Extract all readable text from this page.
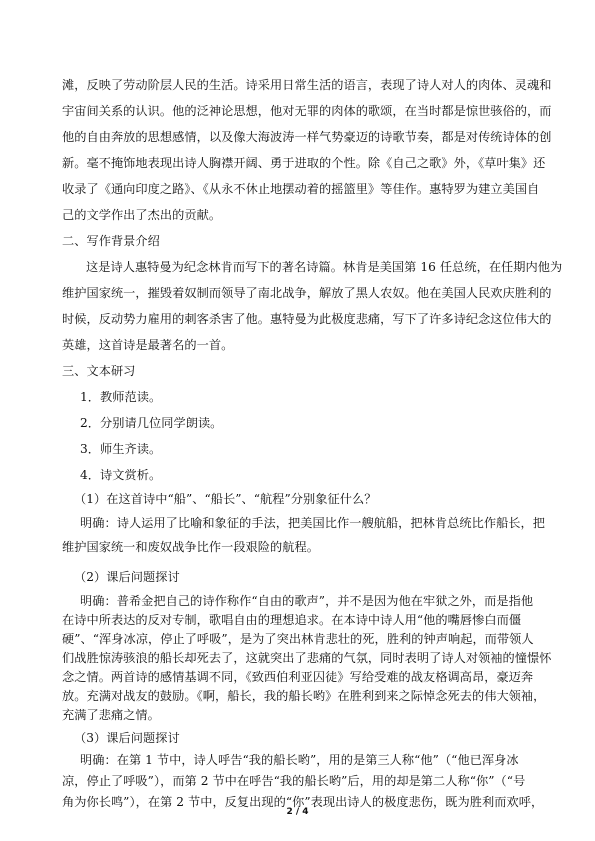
滩，反映了劳动阶层人民的生活。诗采用日常生活的语言，表现了诗人对人的肉体、灵魂和
宇宙间关系的认识。他的泛神论思想，他对无罪的肉体的歌颂，在当时都是惊世骇俗的，而
他的自由奔放的思想感情，以及像大海波涛一样气势豪迈的诗歌节奏，都是对传统诗体的创
新。毫不掩饰地表现出诗人胸襟开阔、勇于进取的个性。除《自己之歌》外，《草叶集》还
收录了《通向印度之路》、《从永不休止地摆动着的摇篮里》等佳作。惠特罗为建立美国自
己的文学作出了杰出的贡献。
二、写作背景介绍
这是诗人惠特曼为纪念林肯而写下的著名诗篇。林肯是美国第 16 任总统，在任期内他为
维护国家统一，摧毁着奴制而领导了南北战争，解放了黑人农奴。他在美国人民欢庆胜利的
时候，反动势力雇用的刺客杀害了他。惠特曼为此极度悲痛，写下了许多诗纪念这位伟大的
英雄，这首诗是最著名的一首。
三、文本研习
1．教师范读。
2．分别请几位同学朗读。
3．师生齐读。
4．诗文赏析。
（1）在这首诗中“船”、“船长”、“航程”分别象征什么？
明确：诗人运用了比喻和象征的手法，把美国比作一艘航船，把林肯总统比作船长，把
维护国家统一和废奴战争比作一段艰险的航程。
（2）课后问题探讨
明确：普希金把自己的诗作称作“自由的歌声”，并不是因为他在牢狱之外，而是指他
在诗中所表达的反对专制，歌唱自由的理想追求。在本诗中诗人用“他的嘴唇惨白而僵
硬”、“浑身冰凉，停止了呼吸”，是为了突出林肯悲壮的死，胜利的钟声响起，而带领人
们战胜惊涛骇浪的船长却死去了，这就突出了悲痛的气氛，同时表明了诗人对领袖的憧憬怀
念之情。两首诗的感情基调不同，《致西伯利亚囚徒》写给受难的战友格调高昂，豪迈奔
放。充满对战友的鼓励。《啊，船长，我的船长哟》在胜利到来之际悼念死去的伟大领袖，
充满了悲痛之情。
（3）课后问题探讨
2 / 4
明确：在第 1 节中，诗人呼告“我的船长哟”，用的是第三人称“他”（“他已浑身冰
凉，停止了呼吸”），而第 2 节中在呼告“我的船长哟”后，用的却是第二人称“你”（“号
角为你长鸣”），在第 2 节中，反复出现的“你”表现出诗人的极度悲伤，既为胜利而欢呼，
